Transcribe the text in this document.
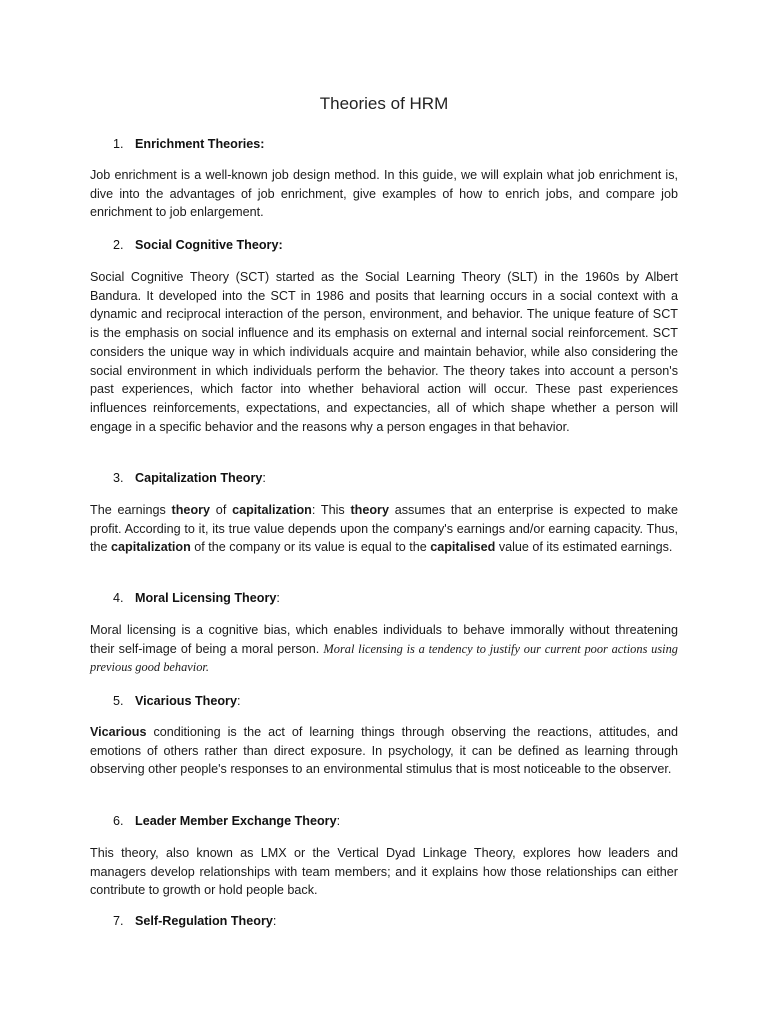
Theories of HRM
1. Enrichment Theories:
Job enrichment is a well-known job design method. In this guide, we will explain what job enrichment is, dive into the advantages of job enrichment, give examples of how to enrich jobs, and compare job enrichment to job enlargement.
2. Social Cognitive Theory:
Social Cognitive Theory (SCT) started as the Social Learning Theory (SLT) in the 1960s by Albert Bandura. It developed into the SCT in 1986 and posits that learning occurs in a social context with a dynamic and reciprocal interaction of the person, environment, and behavior. The unique feature of SCT is the emphasis on social influence and its emphasis on external and internal social reinforcement. SCT considers the unique way in which individuals acquire and maintain behavior, while also considering the social environment in which individuals perform the behavior. The theory takes into account a person's past experiences, which factor into whether behavioral action will occur. These past experiences influences reinforcements, expectations, and expectancies, all of which shape whether a person will engage in a specific behavior and the reasons why a person engages in that behavior.
3. Capitalization Theory:
The earnings theory of capitalization: This theory assumes that an enterprise is expected to make profit. According to it, its true value depends upon the company's earnings and/or earning capacity. Thus, the capitalization of the company or its value is equal to the capitalised value of its estimated earnings.
4. Moral Licensing Theory:
Moral licensing is a cognitive bias, which enables individuals to behave immorally without threatening their self-image of being a moral person. Moral licensing is a tendency to justify our current poor actions using previous good behavior.
5. Vicarious Theory:
Vicarious conditioning is the act of learning things through observing the reactions, attitudes, and emotions of others rather than direct exposure. In psychology, it can be defined as learning through observing other people's responses to an environmental stimulus that is most noticeable to the observer.
6. Leader Member Exchange Theory:
This theory, also known as LMX or the Vertical Dyad Linkage Theory, explores how leaders and managers develop relationships with team members; and it explains how those relationships can either contribute to growth or hold people back.
7. Self-Regulation Theory:
